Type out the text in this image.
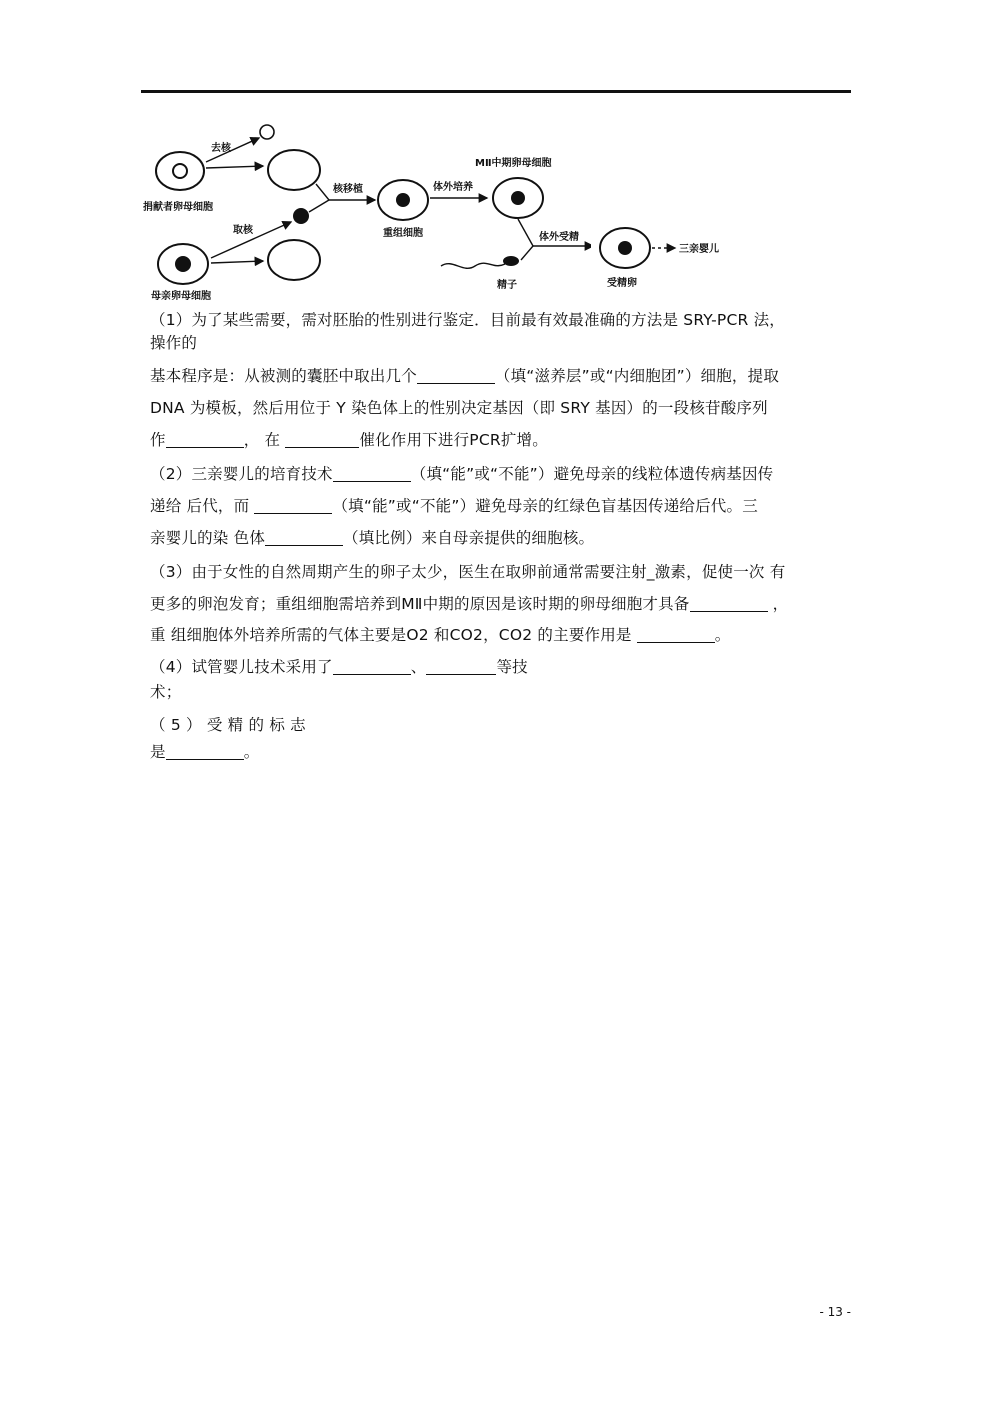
捐献者卵母细胞
去核
母亲卵母细胞
取核
核移植
重组细胞
体外培养
MⅡ中期卵母细胞
精子
体外受精
受精卵
三亲婴儿
（1）为了某些需要，需对胚胎的性别进行鉴定．目前最有效最准确的方法是 SRY-PCR 法，
操作的
基本程序是：从被测的囊胚中取出几个	（填“滋养层”或“内细胞团”）细胞，提取
DNA 为模板，然后用位于 Y 染色体上的性别决定基因（即 SRY 基因）的一段核苷酸序列
作	， 在	催化作用下进行PCR扩增。
（2）三亲婴儿的培育技术	（填“能”或“不能”）避免母亲的线粒体遗传病基因传
递给 后代，而	（填“能”或“不能”）避免母亲的红绿色盲基因传递给后代。三
亲婴儿的染 色体	（填比例）来自母亲提供的细胞核。
（3）由于女性的自然周期产生的卵子太少，医生在取卵前通常需要注射_激素，促使一次 有
更多的卵泡发育；重组细胞需培养到MⅡ中期的原因是该时期的卵母细胞才具备	，
重 组细胞体外培养所需的气体主要是O2 和CO2，CO2 的主要作用是	。
（4）试管婴儿技术采用了	、	等技
术；
（ 5 ） 受 精 的 标 志
是	。
- 13 -
